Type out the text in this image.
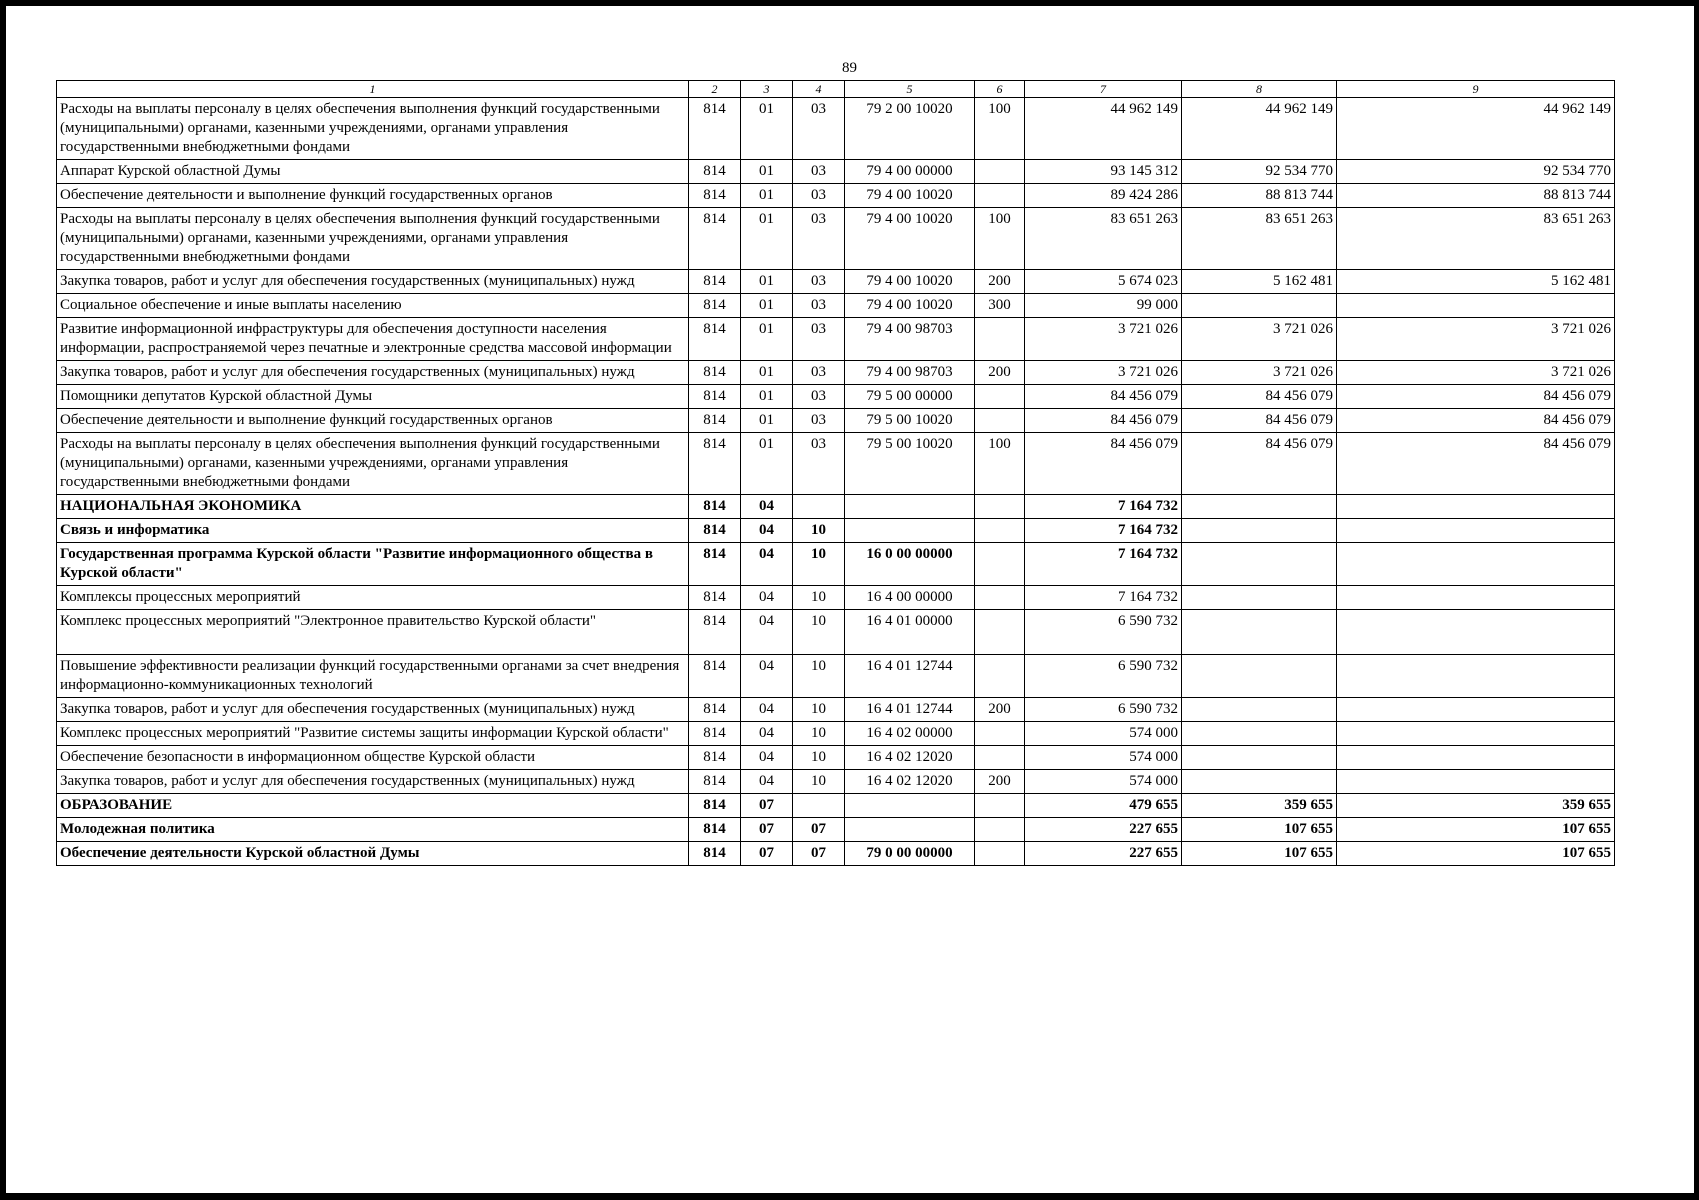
89
1	2	3	4	5	6	7	8	9
Расходы на выплаты персоналу в целях обеспечения выполнения функций государственными (муниципальными) органами, казенными учреждениями, органами управления государственными внебюджетными фондами	814	01	03	79 2 00 10020	100	44 962 149	44 962 149	44 962 149
Аппарат Курской областной Думы	814	01	03	79 4 00 00000		93 145 312	92 534 770	92 534 770
Обеспечение деятельности и выполнение функций государственных органов	814	01	03	79 4 00 10020		89 424 286	88 813 744	88 813 744
Расходы на выплаты персоналу в целях обеспечения выполнения функций государственными (муниципальными) органами, казенными учреждениями, органами управления государственными внебюджетными фондами	814	01	03	79 4 00 10020	100	83 651 263	83 651 263	83 651 263
Закупка товаров, работ и услуг для обеспечения государственных (муниципальных) нужд	814	01	03	79 4 00 10020	200	5 674 023	5 162 481	5 162 481
Социальное обеспечение и иные выплаты населению	814	01	03	79 4 00 10020	300	99 000		
Развитие информационной инфраструктуры для обеспечения доступности населения информации, распространяемой через печатные и электронные средства массовой информации	814	01	03	79 4 00 98703		3 721 026	3 721 026	3 721 026
Закупка товаров, работ и услуг для обеспечения государственных (муниципальных) нужд	814	01	03	79 4 00 98703	200	3 721 026	3 721 026	3 721 026
Помощники депутатов Курской областной Думы	814	01	03	79 5 00 00000		84 456 079	84 456 079	84 456 079
Обеспечение деятельности и выполнение функций государственных органов	814	01	03	79 5 00 10020		84 456 079	84 456 079	84 456 079
Расходы на выплаты персоналу в целях обеспечения выполнения функций государственными (муниципальными) органами, казенными учреждениями, органами управления государственными внебюджетными фондами	814	01	03	79 5 00 10020	100	84 456 079	84 456 079	84 456 079
НАЦИОНАЛЬНАЯ ЭКОНОМИКА	814	04				7 164 732		
Связь и информатика	814	04	10			7 164 732		
Государственная программа Курской области "Развитие информационного общества в Курской области"	814	04	10	16 0 00 00000		7 164 732		
Комплексы процессных мероприятий	814	04	10	16 4 00 00000		7 164 732		
Комплекс процессных мероприятий "Электронное правительство Курской области"	814	04	10	16 4 01 00000		6 590 732		
Повышение эффективности реализации функций государственными органами за счет внедрения информационно-коммуникационных технологий	814	04	10	16 4 01 12744		6 590 732		
Закупка товаров, работ и услуг для обеспечения государственных (муниципальных) нужд	814	04	10	16 4 01 12744	200	6 590 732		
Комплекс процессных мероприятий "Развитие системы защиты информации Курской области"	814	04	10	16 4 02 00000		574 000		
Обеспечение безопасности в информационном обществе Курской области	814	04	10	16 4 02 12020		574 000		
Закупка товаров, работ и услуг для обеспечения государственных (муниципальных) нужд	814	04	10	16 4 02 12020	200	574 000		
ОБРАЗОВАНИЕ	814	07				479 655	359 655	359 655
Молодежная политика	814	07	07			227 655	107 655	107 655
Обеспечение деятельности Курской областной Думы	814	07	07	79 0 00 00000		227 655	107 655	107 655
